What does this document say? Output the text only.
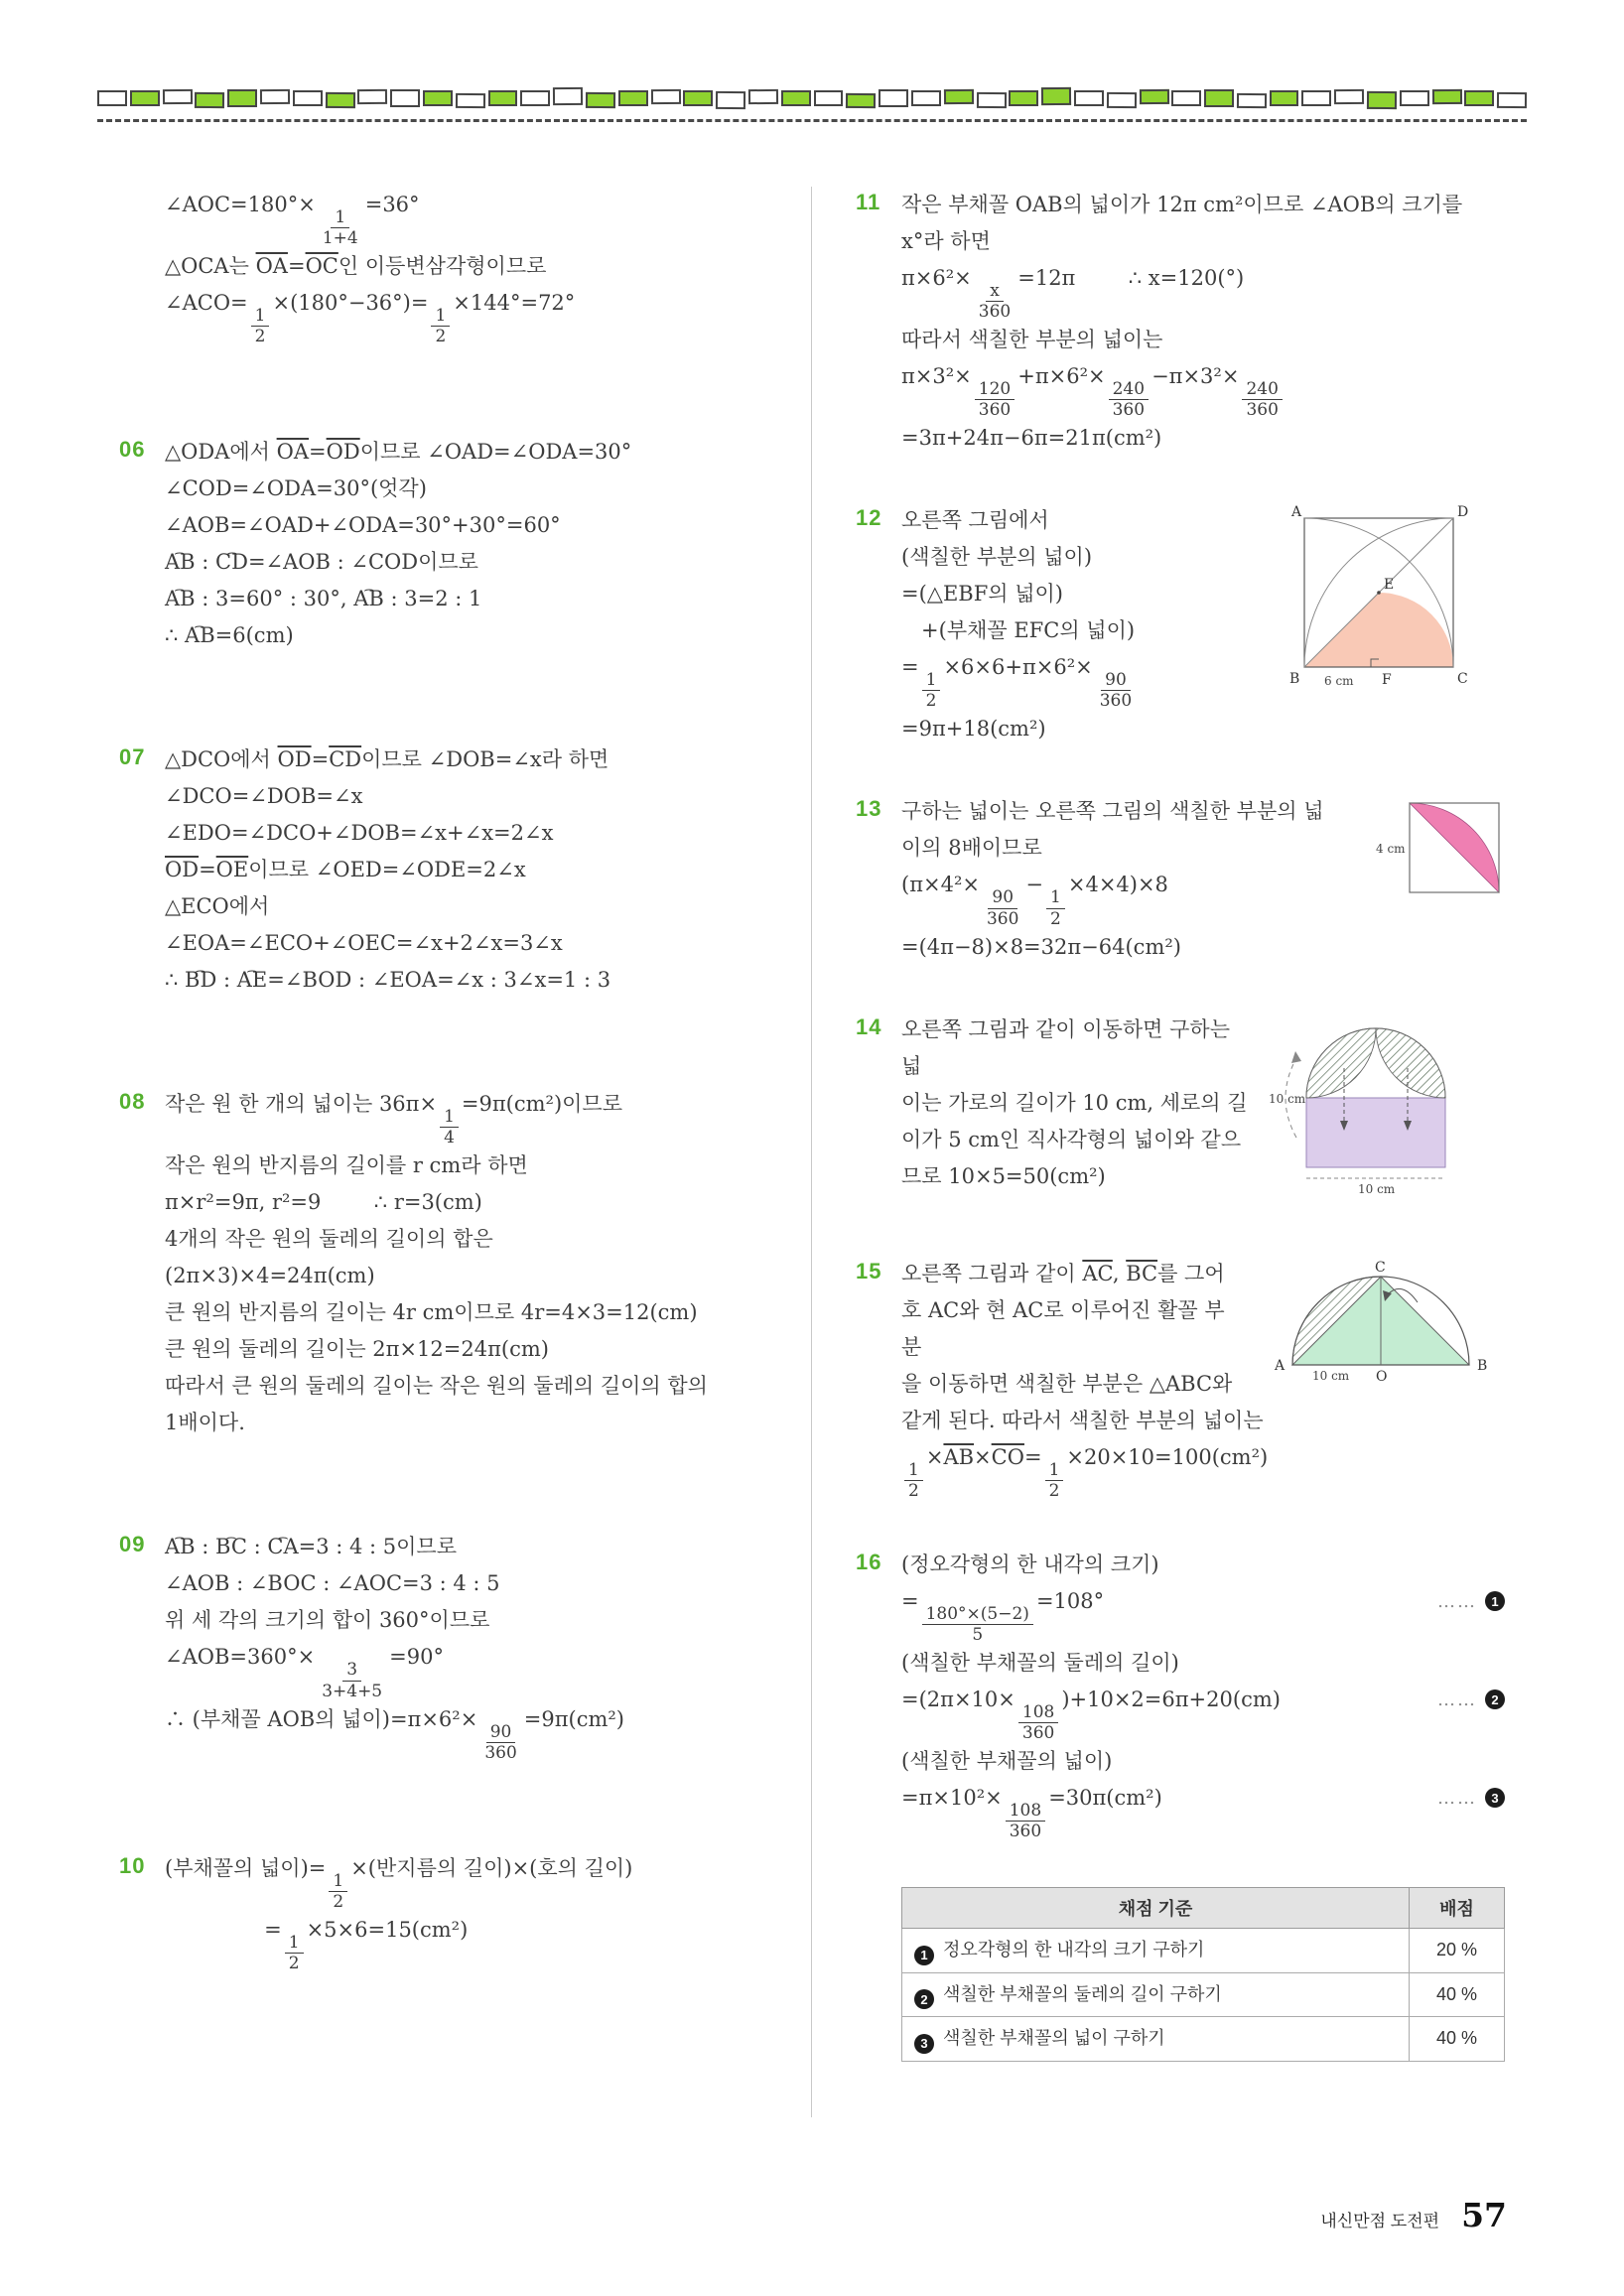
∠AOC=180°×
$\frac{1}{1+4}$
=36°
△OCA는 $\overline{OA}=\overline{OC}$인 이등변삼각형이므로
∠ACO=
$\frac{1}{2}$
×(180°−36°)=
$\frac{1}{2}$
×144°=72°
06 △ODA에서 $\overline{OA}=\overline{OD}$이므로 ∠OAD=∠ODA=30°
∠COD=∠ODA=30°(엇각)
∠AOB=∠OAD+∠ODA=30°+30°=60°
⌢ AB : ⌢ CD=∠AOB : ∠COD이므로
⌢ AB : 3=60° : 30°, ⌢ AB : 3=2 : 1
∴ ⌢ AB=6(cm)
07 △DCO에서 $\overline{OD}=\overline{CD}$이므로 ∠DOB=∠x라 하면
∠DCO=∠DOB=∠x
∠EDO=∠DCO+∠DOB=∠x+∠x=2∠x
$\overline{OD}=\overline{OE}$이므로 ∠OED=∠ODE=2∠x
△ECO에서
∠EOA=∠ECO+∠OEC=∠x+2∠x=3∠x
∴ ⌢ BD : ⌢ AE=∠BOD : ∠EOA=∠x : 3∠x=1 : 3
08 작은 원 한 개의 넓이는 36π×
$\frac{1}{4}$
=9π(cm²)이므로
작은 원의 반지름의 길이를 r cm라 하면
π×r²=9π, r²=9        ∴ r=3(cm)
4개의 작은 원의 둘레의 길이의 합은
(2π×3)×4=24π(cm)
큰 원의 반지름의 길이는 4r cm이므로 4r=4×3=12(cm)
큰 원의 둘레의 길이는 2π×12=24π(cm)
따라서 큰 원의 둘레의 길이는 작은 원의 둘레의 길이의 합의
1배이다.
09 ⌢ AB : ⌢ BC : ⌢ CA=3 : 4 : 5이므로
∠AOB : ∠BOC : ∠AOC=3 : 4 : 5
위 세 각의 크기의 합이 360°이므로
∠AOB=360°×
$\frac{3}{3+4+5}$
=90°
∴ (부채꼴 AOB의 넓이)=π×6²×
$\frac{90}{360}$
=9π(cm²)
10 (부채꼴의 넓이)=
$\frac{1}{2}$
×(반지름의 길이)×(호의 길이)
=
$\frac{1}{2}$
×5×6=15(cm²)
11 작은 부채꼴 OAB의 넓이가 12π cm²이므로 ∠AOB의 크기를
x°라 하면
π×6²×
$\frac{x}{360}$
=12π        ∴ x=120(°)
따라서 색칠한 부분의 넓이는
π×3²×
$\frac{120}{360}$
+π×6²×
$\frac{240}{360}$
−π×3²×
$\frac{240}{360}$
=3π+24π−6π=21π(cm²)
12	A	D
E
B	C
F
6 cm
오른쪽 그림에서
(색칠한 부분의 넓이)
=(△EBF의 넓이)
+(부채꼴 EFC의 넓이)
=
$\frac{1}{2}$
×6×6+π×6²×
$\frac{90}{360}$
=9π+18(cm²)
13
4 cm
구하는 넓이는 오른쪽 그림의 색칠한 부분의 넓
이의 8배이므로
(π×4²×
$\frac{90}{360}$
−
$\frac{1}{2}$
×4×4)×8
=(4π−8)×8=32π−64(cm²)
14
10 cm
10 cm
오른쪽 그림과 같이 이동하면 구하는 넓
이는 가로의 길이가 10 cm, 세로의 길
이가 5 cm인 직사각형의 넓이와 같으
므로 10×5=50(cm²)
15
A	B
C
O
10 cm
오른쪽 그림과 같이 $\overline{AC}$, $\overline{BC}$를 그어
호 AC와 현 AC로 이루어진 활꼴 부분
을 이동하면 색칠한 부분은 △ABC와
같게 된다. 따라서 색칠한 부분의 넓이는
$\frac{1}{2}$
$\times\overline{AB}\times\overline{CO}=$
$\frac{1}{2}$
×20×10=100(cm²)
16 (정오각형의 한 내각의 크기)
=
$\frac{180^\circ\times(5-2)}{5}$
=108°	……	1
(색칠한 부채꼴의 둘레의 길이)
=(2π×10×
$\frac{108}{360}$
)+10×2=6π+20(cm)	……	2
(색칠한 부채꼴의 넓이)
=π×10²×
$\frac{108}{360}$
=30π(cm²)	……	3
채점 기준	배점
1 정오각형의 한 내각의 크기 구하기	20 %
2 색칠한 부채꼴의 둘레의 길이 구하기	40 %
3 색칠한 부채꼴의 넓이 구하기	40 %
내신만점 도전편 57
